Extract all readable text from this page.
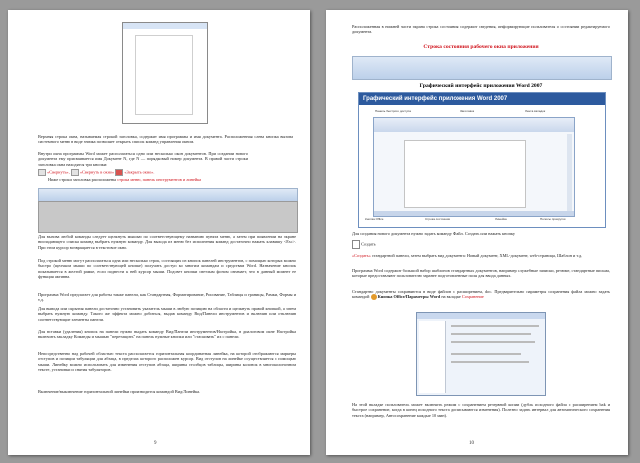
Верхняя строка окна, называемая строкой заголовка, содержит имя программы и имя документа. Расположенная слева кнопка вызова системного меню в виде значка позволяет открыть список команд управления окном.
Внутри окна программы Word может располагаться одно или несколько окон документов. При создании нового документа ему присваивается имя Документ N, где N — порядковый номер документа. В правой части строки заголовка окна находятся три кнопки:
«Свернуть», «Свернуть в окно» «Закрыть окно».
Ниже строки заголовка расположены строка меню, панель инструментов и линейка
Для вызова любой команды следует щелкнуть мышью по соответствующему названию пункта меню, а затем при появлении на экране ниспадающего списка команд выбрать нужную команду. Для выхода из меню без исполнения команд достаточно нажать клавишу <Esc>. При этом курсор возвращается в текстовое окно.
Под строкой меню могут располагаться одна или несколько строк, состоящих из кнопок панелей инструментов, с помощью которых можно быстро (щелчком мыши по соответствующей кнопке) получить доступ ко многим командам и средствам Word. Назначение кнопок показывается в желтой рамке, если подвести к ней курсор мыши. Подсвет кнопки светлым фоном означает, что в данный момент ее функция активна.
Программа Word предлагает для работы также панели, как Стандартная, Форматирование, Рисование, Таблицы и границы, Рамки, Формы и т.д.
Для вывода или скрытия панели достаточно установить указатель мыши в любую позицию на области и щелкнуть правой кнопкой, а затем выбрать нужную команду. Такого же эффекта можно добиться, выдав команду Вид/Панели инструментов и включив или отключив соответствующие элементы панели.
Для вставки (удаления) кнопок на панели нужно выдать команду Вид/Панели инструментов/Настройка, в диалоговом окне Настройка включить закладку Команды и мышью "перетащить" на панель нужные кнопки или "стаскивать" их с панели.
Непосредственно над рабочей областью текста располагается горизонтальная координатная линейка, на которой отображаются маркеры отступов и позиции табуляции для абзаца, в пределах которого расположен курсор. Вид отступов на линейке осуществляется с помощью мыши. Линейку можно использовать для изменения отступов абзаца, ширины столбцов таблицы, ширины колонок в многоколоночном тексте, установки и снятия табуляторов.
Включение/выключение горизонтальной линейки производится командой Вид/Линейка.
9
Расположенная в нижней части экрана строка состояния содержит сведения, информирующие пользователя о состоянии редактируемого документа.
Строка состояния рабочего окна приложения
Графический интерфейс приложения Word 2007
Графический интерфейс приложения Word 2007
Панель быстрого доступа	Заголовок	Лента вкладок
Кнопка Office	Строка состояния	Линейка	Полосы прокрутки
Для создания нового документа нужно задать команду Файл. Создать или нажать кнопку
Создать
«Создать» стандартной панели, затем выбрать вид документа: Новый документ, XML-документ, web-страница, Шаблон и т.д.
Программа Word содержит большой набор шаблонов стандартных документов, например служебные записки, резюме, стандартные письма, которые предоставляют пользователю заранее подготовленные поля для ввода данных.
Стандартно документы сохраняются в виде файлов с расширением, doc. Предварительно параметры сохранения файла можно задать командой Кнопка Office/Параметры Word на вкладке Сохранение
На этой вкладке пользователь может включить режим с сохранением резервной копии (дубль исходного файла с расширением bak и быстрое сохранение, когда в конец исходного текста дописываются изменения). Полезно задать интервал для автоматического сохранения текста (например, Автосохранение каждые 10 мин).
10
